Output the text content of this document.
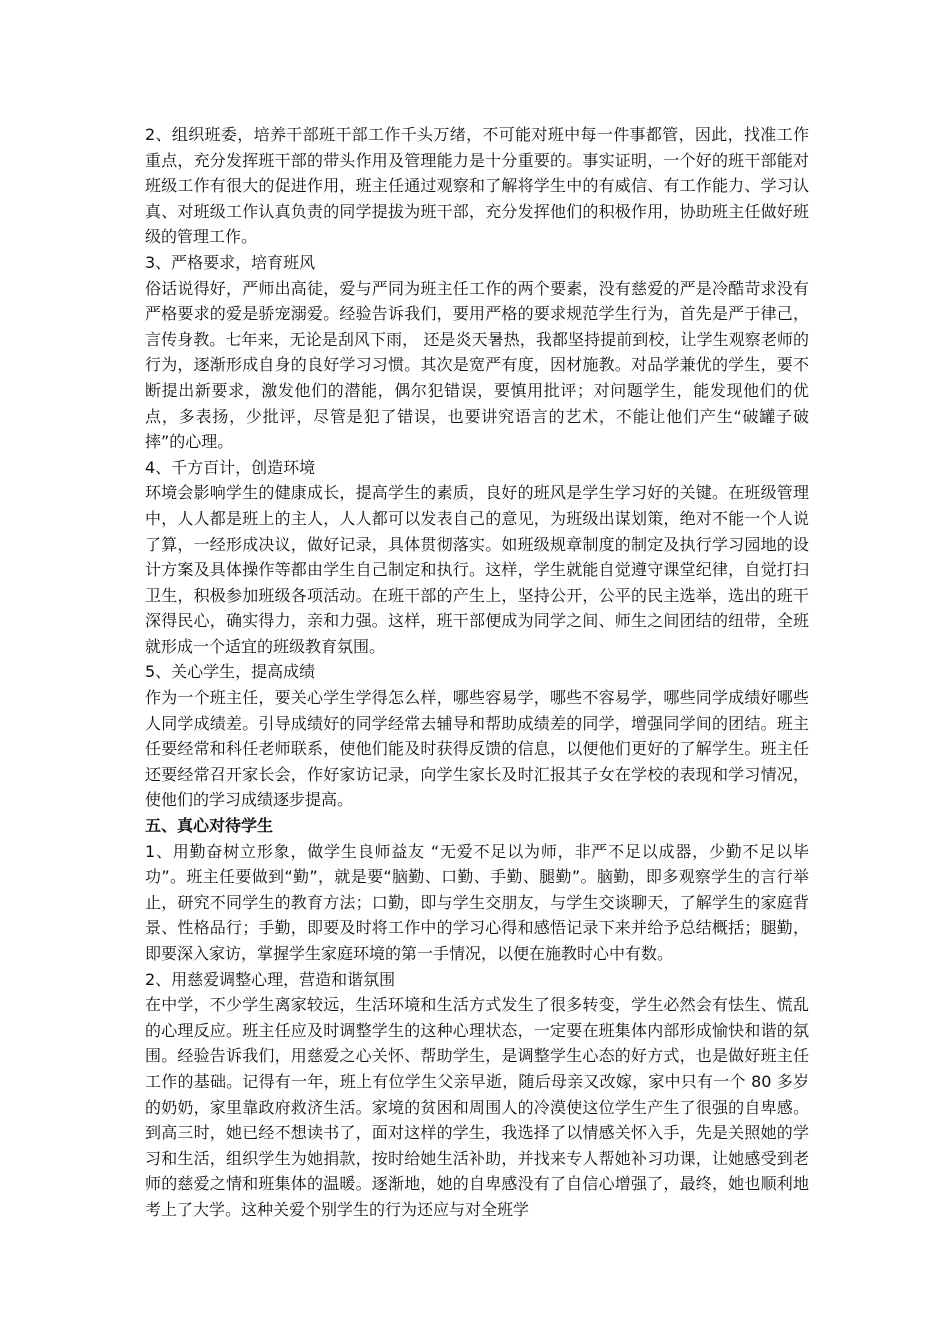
2、组织班委，培养干部班干部工作千头万绪，不可能对班中每一件事都管，因此，找准工作重点，充分发挥班干部的带头作用及管理能力是十分重要的。事实证明，一个好的班干部能对班级工作有很大的促进作用，班主任通过观察和了解将学生中的有威信、有工作能力、学习认真、对班级工作认真负责的同学提拔为班干部，充分发挥他们的积极作用，协助班主任做好班级的管理工作。

3、严格要求，培育班风

俗话说得好，严师出高徒，爱与严同为班主任工作的两个要素，没有慈爱的严是冷酷苛求没有严格要求的爱是骄宠溺爱。经验告诉我们，要用严格的要求规范学生行为，首先是严于律己，言传身教。七年来，无论是刮风下雨， 还是炎天暑热，我都坚持提前到校，让学生观察老师的行为，逐渐形成自身的良好学习习惯。其次是宽严有度，因材施教。对品学兼优的学生，要不断提出新要求，激发他们的潜能，偶尔犯错误，要慎用批评；对问题学生，能发现他们的优点，多表扬，少批评，尽管是犯了错误，也要讲究语言的艺术，不能让他们产生“破罐子破摔”的心理。

4、千方百计，创造环境

环境会影响学生的健康成长，提高学生的素质，良好的班风是学生学习好的关键。在班级管理中，人人都是班上的主人，人人都可以发表自己的意见，为班级出谋划策，绝对不能一个人说了算，一经形成决议，做好记录，具体贯彻落实。如班级规章制度的制定及执行学习园地的设计方案及具体操作等都由学生自己制定和执行。这样，学生就能自觉遵守课堂纪律，自觉打扫卫生，积极参加班级各项活动。在班干部的产生上，坚持公开，公平的民主选举，选出的班干深得民心，确实得力，亲和力强。这样，班干部便成为同学之间、师生之间团结的纽带，全班就形成一个适宜的班级教育氛围。

5、关心学生，提高成绩

作为一个班主任，要关心学生学得怎么样，哪些容易学，哪些不容易学，哪些同学成绩好哪些人同学成绩差。引导成绩好的同学经常去辅导和帮助成绩差的同学，增强同学间的团结。班主任要经常和科任老师联系，使他们能及时获得反馈的信息，以便他们更好的了解学生。班主任还要经常召开家长会，作好家访记录，向学生家长及时汇报其子女在学校的表现和学习情况，使他们的学习成绩逐步提高。

五、真心对待学生

1、用勤奋树立形象，做学生良师益友 “无爱不足以为师，非严不足以成器，少勤不足以毕功”。班主任要做到“勤”，就是要“脑勤、口勤、手勤、腿勤”。脑勤，即多观察学生的言行举止，研究不同学生的教育方法；口勤，即与学生交朋友，与学生交谈聊天，了解学生的家庭背景、性格品行；手勤，即要及时将工作中的学习心得和感悟记录下来并给予总结概括；腿勤，即要深入家访，掌握学生家庭环境的第一手情况，以便在施教时心中有数。

2、用慈爱调整心理，营造和谐氛围

在中学，不少学生离家较远，生活环境和生活方式发生了很多转变，学生必然会有怯生、慌乱的心理反应。班主任应及时调整学生的这种心理状态，一定要在班集体内部形成愉快和谐的氛围。经验告诉我们，用慈爱之心关怀、帮助学生，是调整学生心态的好方式，也是做好班主任工作的基础。记得有一年，班上有位学生父亲早逝，随后母亲又改嫁，家中只有一个 80 多岁的奶奶，家里靠政府救济生活。家境的贫困和周围人的冷漠使这位学生产生了很强的自卑感。到高三时，她已经不想读书了，面对这样的学生，我选择了以情感关怀入手，先是关照她的学习和生活，组织学生为她捐款，按时给她生活补助，并找来专人帮她补习功课，让她感受到老师的慈爱之情和班集体的温暖。逐渐地，她的自卑感没有了自信心增强了，最终，她也顺利地考上了大学。这种关爱个别学生的行为还应与对全班学
